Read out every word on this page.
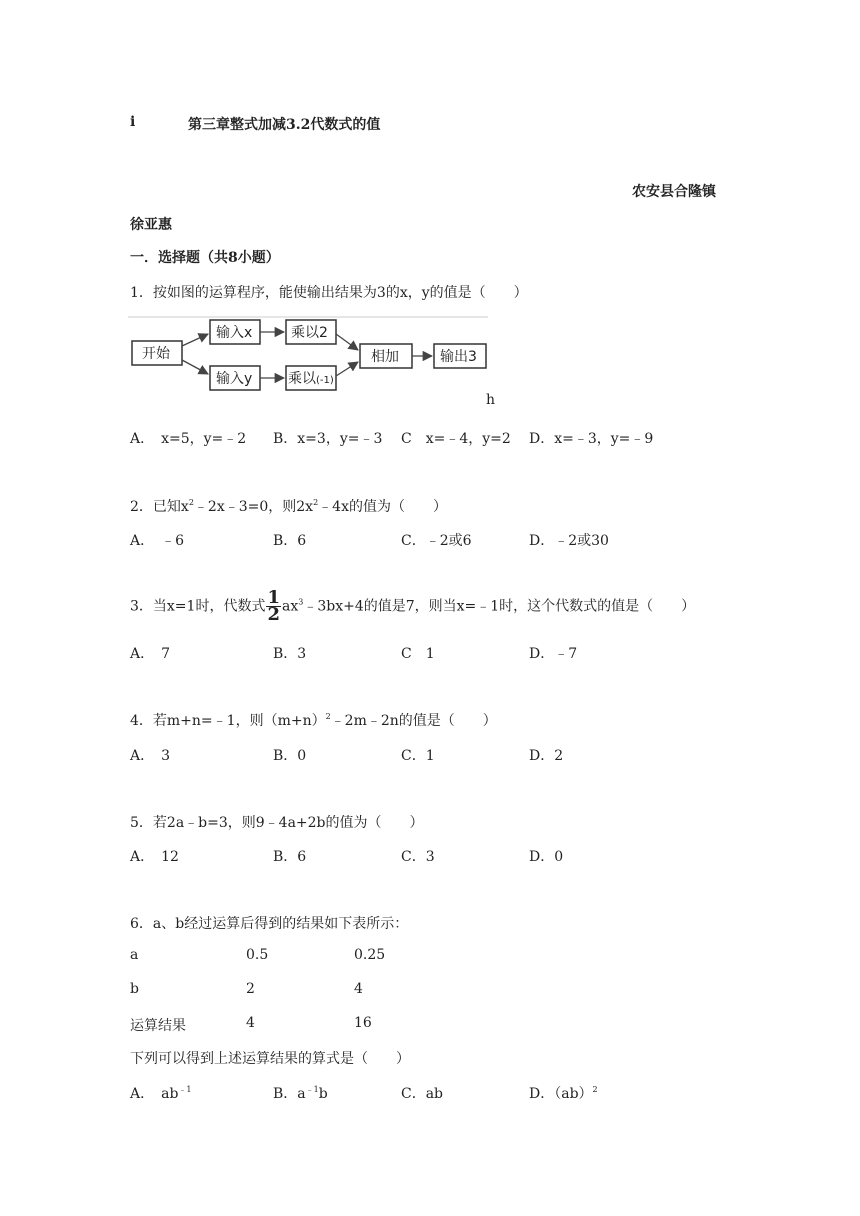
i	第三章整式加减3.2代数式的值
农安县合隆镇
徐亚惠
一．选择题（共8小题）
1．按如图的运算程序，能使输出结果为3的x，y的值是（　　）
开始
输入x
输入y
乘以2
乘以(-1)
相加	输出3
h
A．　x=5，y=﹣2 B．x=3，y=﹣3 C　x=﹣4，y=2 D．x=﹣3，y=﹣9
2．已知$x^2﹣2x﹣3=0$，则$2x^2﹣4x$的值为（　　）
A．　﹣6	B．6	C．﹣2或6	D．﹣2或30
3．当x=1时，代数式 $\frac{1}{2}$ $ax^3﹣3bx+4$的值是7，则当x=﹣1时，这个代数式的值是（　　）
A．　7	B．3	C　1	D．﹣7
4．若m+n=﹣1，则$(m+n)^2﹣2m﹣2n$的值是（　　）
A．　3	B．0	C．1	D．2
5．若2a﹣b=3，则9﹣4a+2b的值为（　　）
A．　12	B．6	C．3	D．0
6．a、b经过运算后得到的结果如下表所示：
a	0.5	0.25
b	2	4
运算结果	4	16
下列可以得到上述运算结果的算式是（　　）
A．　$ab^{﹣1}$	B．$a^{﹣1}b$	C．ab	D．（ab）$^2$
